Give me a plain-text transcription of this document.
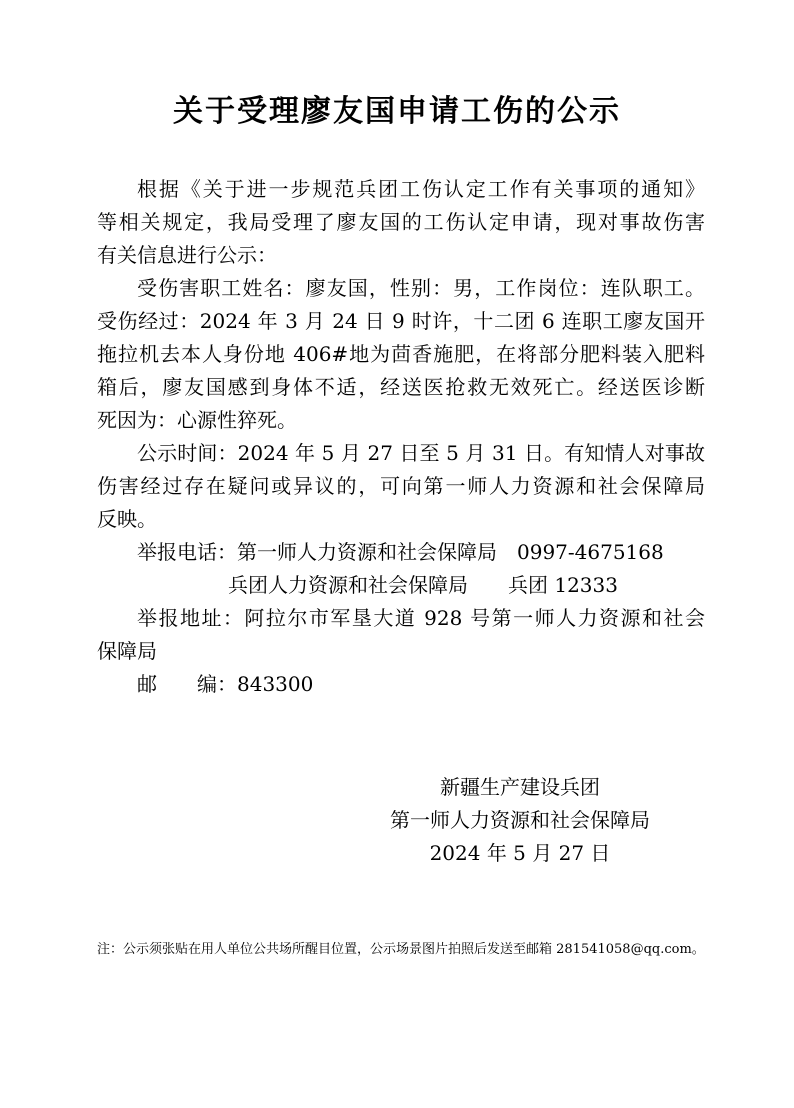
关于受理廖友国申请工伤的公示
根据《关于进一步规范兵团工伤认定工作有关事项的通知》
等相关规定，我局受理了廖友国的工伤认定申请，现对事故伤害
有关信息进行公示：
受伤害职工姓名：廖友国，性别：男，工作岗位：连队职工。
受伤经过：2024 年 3 月 24 日 9 时许，十二团 6 连职工廖友国开
拖拉机去本人身份地 406#地为茴香施肥，在将部分肥料装入肥料
箱后，廖友国感到身体不适，经送医抢救无效死亡。经送医诊断
死因为：心源性猝死。
公示时间：2024 年 5 月 27 日至 5 月 31 日。有知情人对事故
伤害经过存在疑问或异议的，可向第一师人力资源和社会保障局
反映。
举报电话：第一师人力资源和社会保障局　0997-4675168
兵团人力资源和社会保障局　　兵团 12333
举报地址：阿拉尔市军垦大道 928 号第一师人力资源和社会
保障局
邮　　编：843300
新疆生产建设兵团
第一师人力资源和社会保障局
2024 年 5 月 27 日
注：公示须张贴在用人单位公共场所醒目位置，公示场景图片拍照后发送至邮箱 281541058@qq.com。
